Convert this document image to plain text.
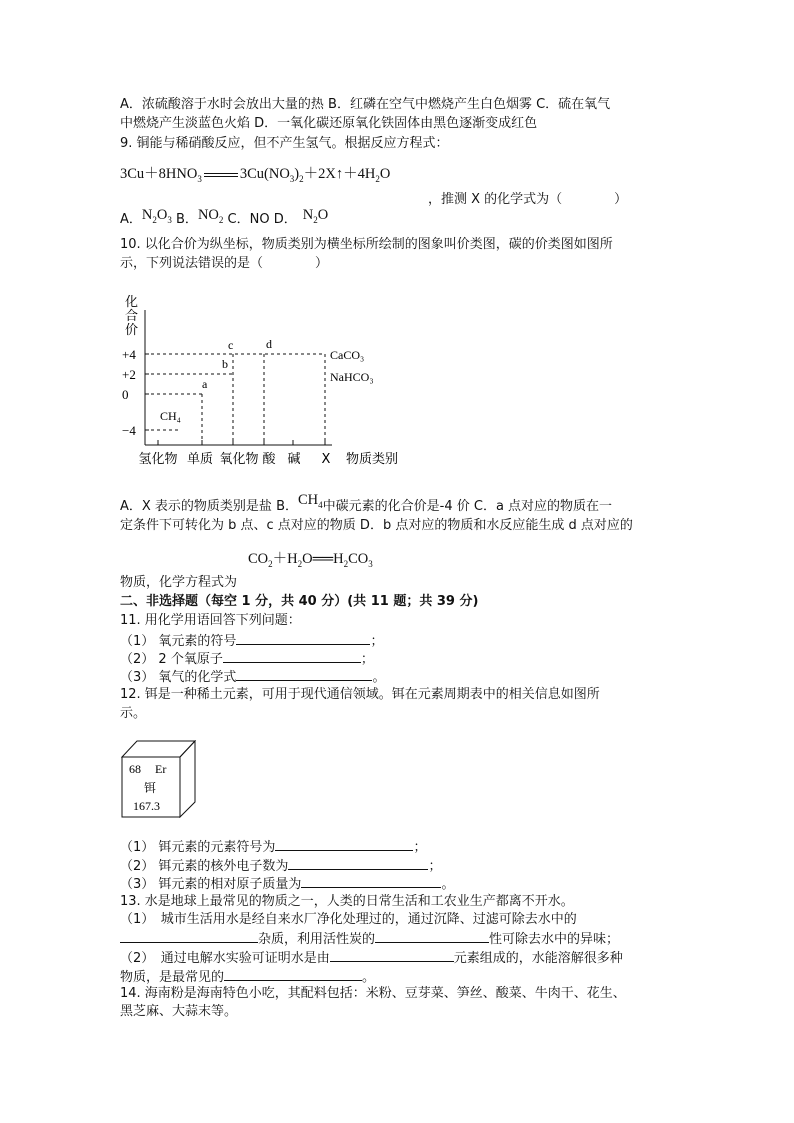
A．浓硫酸溶于水时会放出大量的热 B．红磷在空气中燃烧产生白色烟雾 C．硫在氧气
中燃烧产生淡蓝色火焰 D．一氧化碳还原氧化铁固体由黑色逐渐变成红色
9. 铜能与稀硝酸反应，但不产生氢气。根据反应方程式：
$3Cu+8HNO_3$	$3Cu(NO_3)_2+2X↑+4H_2O$
，推测 X 的化学式为（　　　　）
A．$N_2O_3$ B．$NO_2$ C．NO D． $N_2O$
10. 以化合价为纵坐标，物质类别为横坐标所绘制的图象叫价类图，碳的价类图如图所
示，下列说法错误的是（　　　　）
化
合
价
+4
+2
0
−4
氢化物 单质 氧化物 酸 碱 X 物质类别
CH₄
a
b
c	d
CaCO₃
NaHCO₃
A．X 表示的物质类别是盐 B．$CH_4$中碳元素的化合价是-4 价 C．a 点对应的物质在一
定条件下可转化为 b 点、c 点对应的物质 D．b 点对应的物质和水反应能生成 d 点对应的
$CO_2+H_2O══H_2CO_3$
物质，化学方程式为
二、非选择题（每空 1 分，共 40 分）(共 11 题；共 39 分)
11. 用化学用语回答下列问题：
（1） 氧元素的符号	；
（2） 2 个氧原子	；
（3） 氧气的化学式	。
12. 铒是一种稀土元素，可用于现代通信领域。铒在元素周期表中的相关信息如图所
示。
68 Er
铒
167.3
（1） 铒元素的元素符号为	；
（2） 铒元素的核外电子数为	；
（3） 铒元素的相对原子质量为	。
13. 水是地球上最常见的物质之一，人类的日常生活和工农业生产都离不开水。
（1）　城市生活用水是经自来水厂净化处理过的，通过沉降、过滤可除去水中的
杂质，利用活性炭的	性可除去水中的异味；
（2）　通过电解水实验可证明水是由	元素组成的，水能溶解很多种
物质，是最常见的	。
14. 海南粉是海南特色小吃，其配料包括：米粉、豆芽菜、笋丝、酸菜、牛肉干、花生、
黑芝麻、大蒜末等。
